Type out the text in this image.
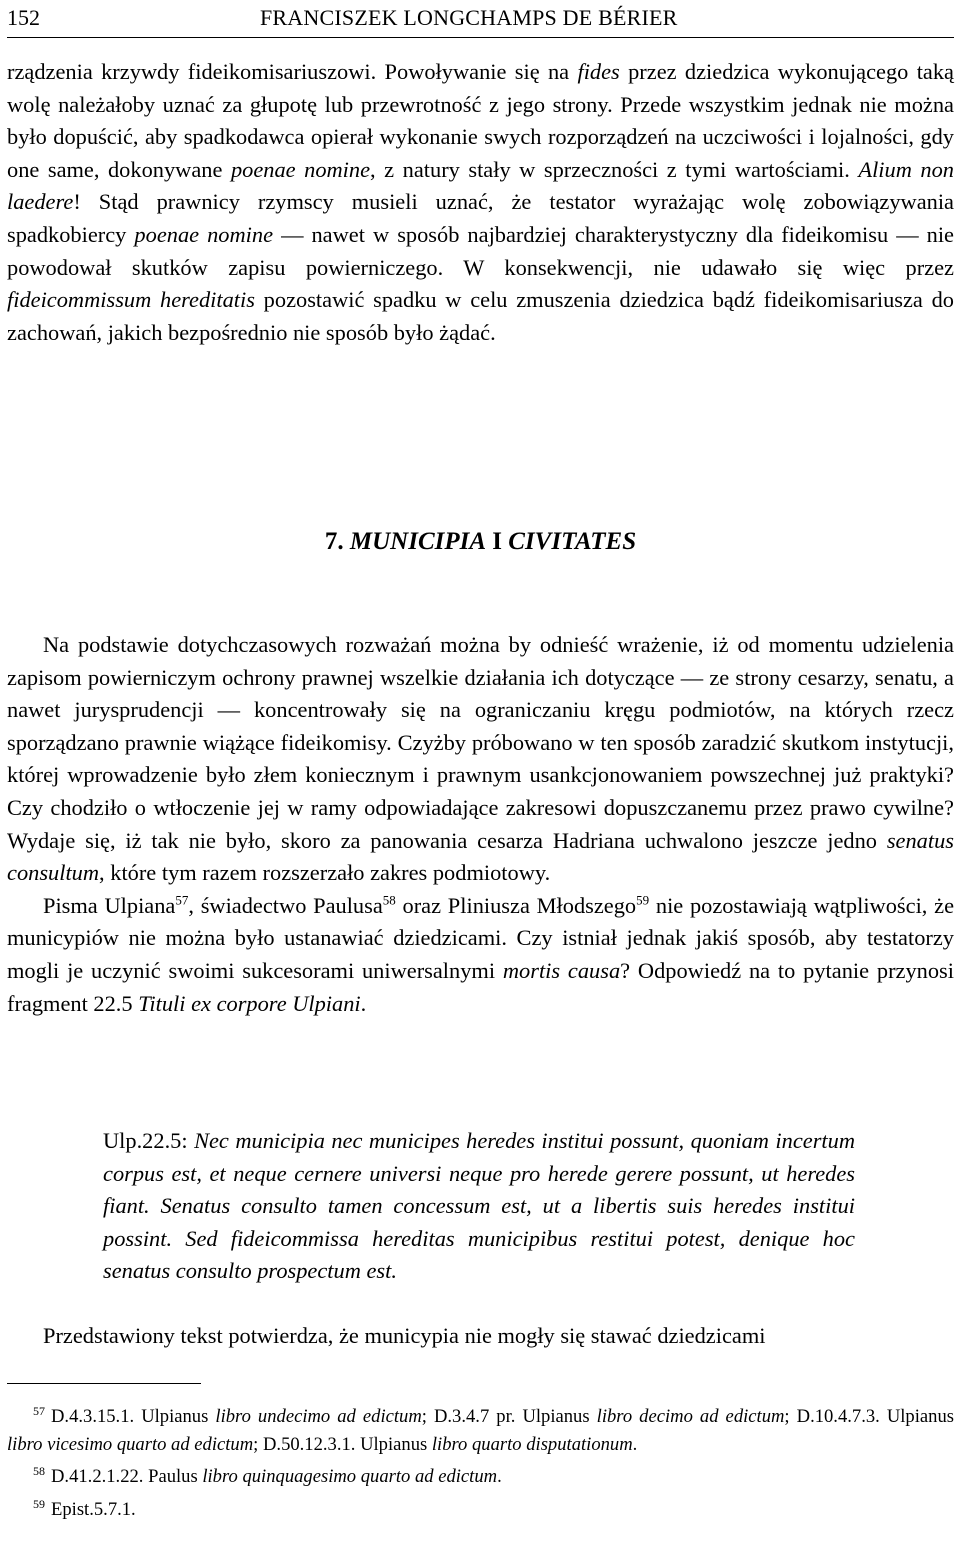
152	FRANCISZEK LONGCHAMPS DE BÉRIER

rządzenia krzywdy fideikomisariuszowi. Powoływanie się na fides przez dziedzica wykonującego taką wolę należałoby uznać za głupotę lub przewrotność z jego strony. Przede wszystkim jednak nie można było dopuścić, aby spadkodawca opierał wykonanie swych rozporządzeń na uczciwości i lojalności, gdy one same, dokonywane poenae nomine, z natury stały w sprzeczności z tymi wartościami. Alium non laedere! Stąd prawnicy rzymscy musieli uznać, że testator wyrażając wolę zobowiązywania spadkobiercy poenae nomine — nawet w sposób najbardziej charakterystyczny dla fideikomisu — nie powodował skutków zapisu powierniczego. W konsekwencji, nie udawało się więc przez fideicommissum hereditatis pozostawić spadku w celu zmuszenia dziedzica bądź fideikomisariusza do zachowań, jakich bezpośrednio nie sposób było żądać.

7. MUNICIPIA I CIVITATES

Na podstawie dotychczasowych rozważań można by odnieść wrażenie, iż od momentu udzielenia zapisom powierniczym ochrony prawnej wszelkie działania ich dotyczące — ze strony cesarzy, senatu, a nawet jurysprudencji — koncentrowały się na ograniczaniu kręgu podmiotów, na których rzecz sporządzano prawnie wiążące fideikomisy. Czyżby próbowano w ten sposób zaradzić skutkom instytucji, której wprowadzenie było złem koniecznym i prawnym usankcjonowaniem powszechnej już praktyki? Czy chodziło o wtłoczenie jej w ramy odpowiadające zakresowi dopuszczanemu przez prawo cywilne? Wydaje się, iż tak nie było, skoro za panowania cesarza Hadriana uchwalono jeszcze jedno senatus consultum, które tym razem rozszerzało zakres podmiotowy.

Pisma Ulpiana$^{57}$, świadectwo Paulusa$^{58}$ oraz Pliniusza Młodszego$^{59}$ nie pozostawiają wątpliwości, że municypiów nie można było ustanawiać dziedzicami. Czy istniał jednak jakiś sposób, aby testatorzy mogli je uczynić swoimi sukcesorami uniwersalnymi mortis causa? Odpowiedź na to pytanie przynosi fragment 22.5 Tituli ex corpore Ulpiani.

Ulp.22.5: Nec municipia nec municipes heredes institui possunt, quoniam incertum corpus est, et neque cernere universi neque pro herede gerere possunt, ut heredes fiant. Senatus consulto tamen concessum est, ut a libertis suis heredes institui possint. Sed fideicommissa hereditas municipibus restitui potest, denique hoc senatus consulto prospectum est.
Przedstawiony tekst potwierdza, że municypia nie mogły się stawać dziedzicami

$^{57}$ D.4.3.15.1. Ulpianus libro undecimo ad edictum; D.3.4.7 pr. Ulpianus libro decimo ad edictum; D.10.4.7.3. Ulpianus libro vicesimo quarto ad edictum; D.50.12.3.1. Ulpianus libro quarto disputationum.

$^{58}$ D.41.2.1.22. Paulus libro quinquagesimo quarto ad edictum.

$^{59}$ Epist.5.7.1.
